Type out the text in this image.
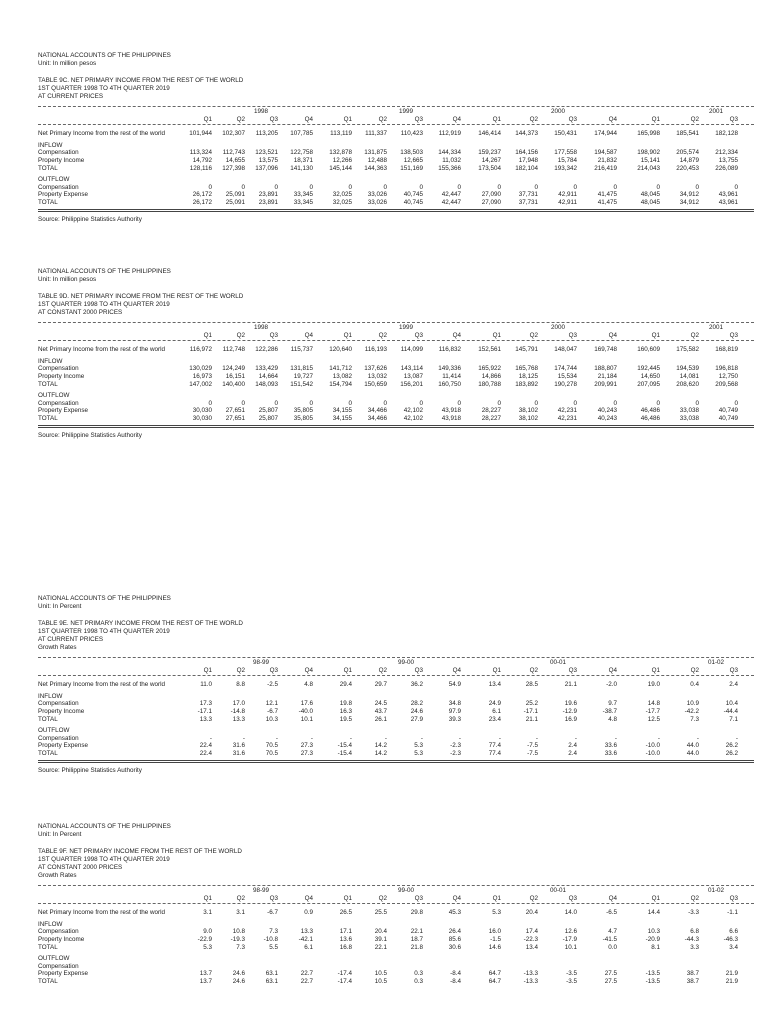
NATIONAL ACCOUNTS OF THE PHILIPPINES
Unit: In million pesos
TABLE 9C. NET PRIMARY INCOME FROM THE REST OF THE WORLD
1ST QUARTER 1998 TO 4TH QUARTER 2019
AT CURRENT PRICES
1998	1999	2000	2001
Q1	Q2	Q3	Q4	Q1	Q2	Q3	Q4	Q1	Q2	Q3	Q4	Q1	Q2	Q3
Net Primary Income from the rest of the world	101,944	102,307	113,205	107,785	113,119	111,337	110,423	112,919	146,414	144,373	150,431	174,944	165,998	185,541	182,128
INFLOW
Compensation	113,324	112,743	123,521	122,758	132,878	131,875	138,503	144,334	159,237	164,156	177,558	194,587	198,902	205,574	212,334
Property Income	14,792	14,655	13,575	18,371	12,266	12,488	12,665	11,032	14,267	17,948	15,784	21,832	15,141	14,879	13,755
TOTAL	128,116	127,398	137,096	141,130	145,144	144,363	151,169	155,366	173,504	182,104	193,342	216,419	214,043	220,453	226,089
OUTFLOW
Compensation	0	0	0	0	0	0	0	0	0	0	0	0	0	0	0
Property Expense	26,172	25,091	23,891	33,345	32,025	33,026	40,745	42,447	27,090	37,731	42,911	41,475	48,045	34,912	43,961
TOTAL	26,172	25,091	23,891	33,345	32,025	33,026	40,745	42,447	27,090	37,731	42,911	41,475	48,045	34,912	43,961
Source: Philippine Statistics Authority
NATIONAL ACCOUNTS OF THE PHILIPPINES
Unit: In million pesos
TABLE 9D. NET PRIMARY INCOME FROM THE REST OF THE WORLD
1ST QUARTER 1998 TO 4TH QUARTER 2019
AT CONSTANT 2000 PRICES
1998	1999	2000	2001
Q1	Q2	Q3	Q4	Q1	Q2	Q3	Q4	Q1	Q2	Q3	Q4	Q1	Q2	Q3
Net Primary Income from the rest of the world	116,972	112,748	122,286	115,737	120,640	116,193	114,099	116,832	152,561	145,791	148,047	169,748	160,609	175,582	168,819
INFLOW
Compensation	130,029	124,249	133,429	131,815	141,712	137,626	143,114	149,336	165,922	165,768	174,744	188,807	192,445	194,539	196,818
Property Income	16,973	16,151	14,664	19,727	13,082	13,032	13,087	11,414	14,866	18,125	15,534	21,184	14,650	14,081	12,750
TOTAL	147,002	140,400	148,093	151,542	154,794	150,659	156,201	160,750	180,788	183,892	190,278	209,991	207,095	208,620	209,568
OUTFLOW
Compensation	0	0	0	0	0	0	0	0	0	0	0	0	0	0	0
Property Expense	30,030	27,651	25,807	35,805	34,155	34,466	42,102	43,918	28,227	38,102	42,231	40,243	46,486	33,038	40,749
TOTAL	30,030	27,651	25,807	35,805	34,155	34,466	42,102	43,918	28,227	38,102	42,231	40,243	46,486	33,038	40,749
Source: Philippine Statistics Authority
NATIONAL ACCOUNTS OF THE PHILIPPINES
Unit: In Percent
TABLE 9E. NET PRIMARY INCOME FROM THE REST OF THE WORLD
1ST QUARTER 1998 TO 4TH QUARTER 2019
AT CURRENT PRICES
Growth Rates
98-99	99-00	00-01	01-02
Q1	Q2	Q3	Q4	Q1	Q2	Q3	Q4	Q1	Q2	Q3	Q4	Q1	Q2	Q3
Net Primary Income from the rest of the world	11.0	8.8	-2.5	4.8	29.4	29.7	36.2	54.9	13.4	28.5	21.1	-2.0	19.0	0.4	2.4
INFLOW
Compensation	17.3	17.0	12.1	17.6	19.8	24.5	28.2	34.8	24.9	25.2	19.6	9.7	14.8	10.9	10.4
Property Income	-17.1	-14.8	-6.7	-40.0	16.3	43.7	24.6	97.9	6.1	-17.1	-12.9	-38.7	-17.7	-42.2	-44.4
TOTAL	13.3	13.3	10.3	10.1	19.5	26.1	27.9	39.3	23.4	21.1	16.9	4.8	12.5	7.3	7.1
OUTFLOW
Compensation	-	-	-	-	-	-	-	-	-	-	-	-	-	-	-
Property Expense	22.4	31.6	70.5	27.3	-15.4	14.2	5.3	-2.3	77.4	-7.5	2.4	33.6	-10.0	44.0	26.2
TOTAL	22.4	31.6	70.5	27.3	-15.4	14.2	5.3	-2.3	77.4	-7.5	2.4	33.6	-10.0	44.0	26.2
Source: Philippine Statistics Authority
NATIONAL ACCOUNTS OF THE PHILIPPINES
Unit: In Percent
TABLE 9F. NET PRIMARY INCOME FROM THE REST OF THE WORLD
1ST QUARTER 1998 TO 4TH QUARTER 2019
AT CONSTANT 2000 PRICES
Growth Rates
98-99	99-00	00-01	01-02
Q1	Q2	Q3	Q4	Q1	Q2	Q3	Q4	Q1	Q2	Q3	Q4	Q1	Q2	Q3
Net Primary Income from the rest of the world	3.1	3.1	-6.7	0.9	26.5	25.5	29.8	45.3	5.3	20.4	14.0	-6.5	14.4	-3.3	-1.1
INFLOW
Compensation	9.0	10.8	7.3	13.3	17.1	20.4	22.1	26.4	16.0	17.4	12.6	4.7	10.3	6.8	6.6
Property Income	-22.9	-19.3	-10.8	-42.1	13.6	39.1	18.7	85.6	-1.5	-22.3	-17.9	-41.5	-20.9	-44.3	-46.3
TOTAL	5.3	7.3	5.5	6.1	16.8	22.1	21.8	30.6	14.6	13.4	10.1	0.0	8.1	3.3	3.4
OUTFLOW
Compensation
Property Expense	13.7	24.6	63.1	22.7	-17.4	10.5	0.3	-8.4	64.7	-13.3	-3.5	27.5	-13.5	38.7	21.9
TOTAL	13.7	24.6	63.1	22.7	-17.4	10.5	0.3	-8.4	64.7	-13.3	-3.5	27.5	-13.5	38.7	21.9
